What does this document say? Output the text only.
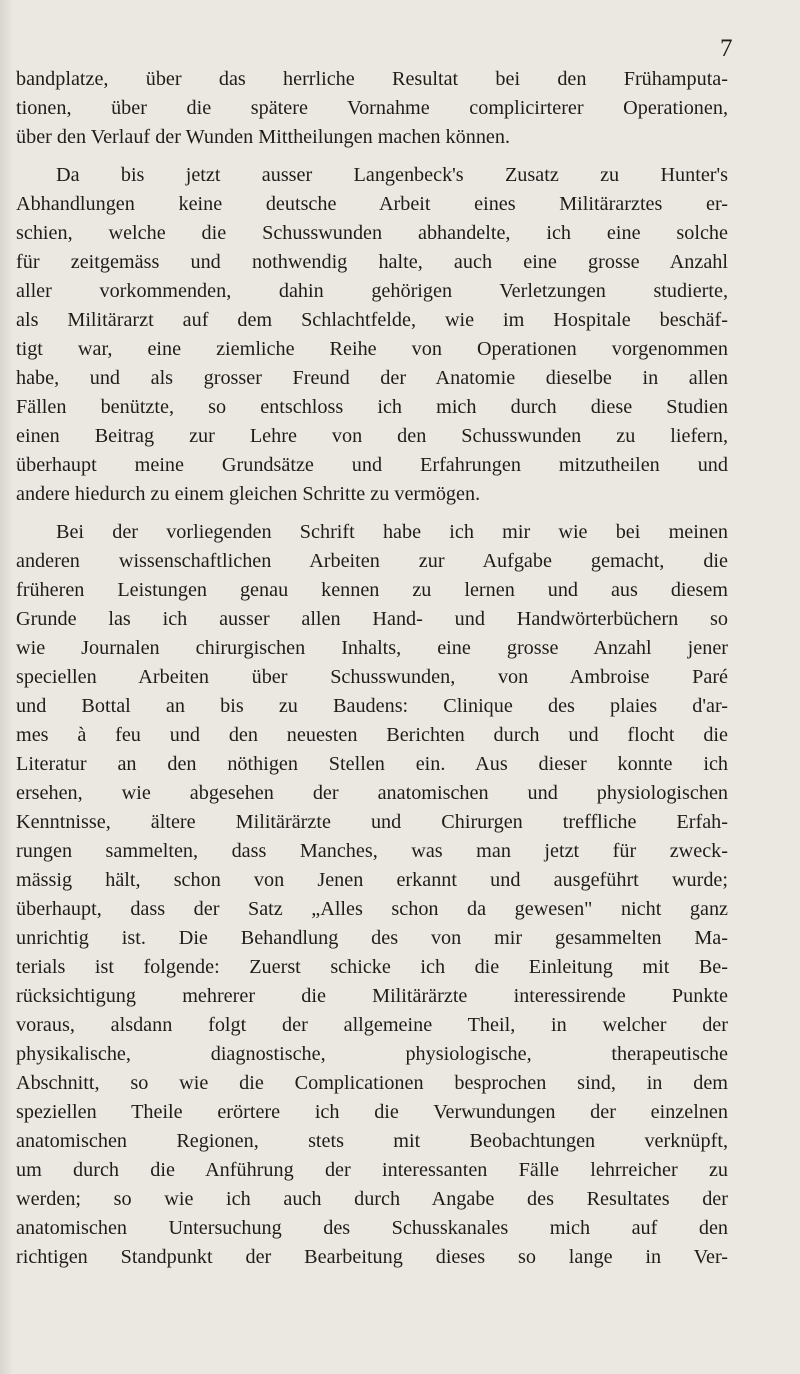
7

bandplatze, über das herrliche Resultat bei den Frühamputa-
tionen, über die spätere Vornahme complicirterer Operationen,
über den Verlauf der Wunden Mittheilungen machen können.

Da bis jetzt ausser Langenbeck's Zusatz zu Hunter's
Abhandlungen keine deutsche Arbeit eines Militärarztes er-
schien, welche die Schusswunden abhandelte, ich eine solche
für zeitgemäss und nothwendig halte, auch eine grosse Anzahl
aller vorkommenden, dahin gehörigen Verletzungen studierte,
als Militärarzt auf dem Schlachtfelde, wie im Hospitale beschäf-
tigt war, eine ziemliche Reihe von Operationen vorgenommen
habe, und als grosser Freund der Anatomie dieselbe in allen
Fällen benützte, so entschloss ich mich durch diese Studien
einen Beitrag zur Lehre von den Schusswunden zu liefern,
überhaupt meine Grundsätze und Erfahrungen mitzutheilen und
andere hiedurch zu einem gleichen Schritte zu vermögen.

Bei der vorliegenden Schrift habe ich mir wie bei meinen
anderen wissenschaftlichen Arbeiten zur Aufgabe gemacht, die
früheren Leistungen genau kennen zu lernen und aus diesem
Grunde las ich ausser allen Hand- und Handwörterbüchern so
wie Journalen chirurgischen Inhalts, eine grosse Anzahl jener
speciellen Arbeiten über Schusswunden, von Ambroise Paré
und Bottal an bis zu Baudens: Clinique des plaies d'ar-
mes à feu und den neuesten Berichten durch und flocht die
Literatur an den nöthigen Stellen ein. Aus dieser konnte ich
ersehen, wie abgesehen der anatomischen und physiologischen
Kenntnisse, ältere Militärärzte und Chirurgen treffliche Erfah-
rungen sammelten, dass Manches, was man jetzt für zweck-
mässig hält, schon von Jenen erkannt und ausgeführt wurde;
überhaupt, dass der Satz „Alles schon da gewesen" nicht ganz
unrichtig ist. Die Behandlung des von mir gesammelten Ma-
terials ist folgende: Zuerst schicke ich die Einleitung mit Be-
rücksichtigung mehrerer die Militärärzte interessirende Punkte
voraus, alsdann folgt der allgemeine Theil, in welcher der
physikalische, diagnostische, physiologische, therapeutische
Abschnitt, so wie die Complicationen besprochen sind, in dem
speziellen Theile erörtere ich die Verwundungen der einzelnen
anatomischen Regionen, stets mit Beobachtungen verknüpft,
um durch die Anführung der interessanten Fälle lehrreicher zu
werden; so wie ich auch durch Angabe des Resultates der
anatomischen Untersuchung des Schusskanales mich auf den
richtigen Standpunkt der Bearbeitung dieses so lange in Ver-
